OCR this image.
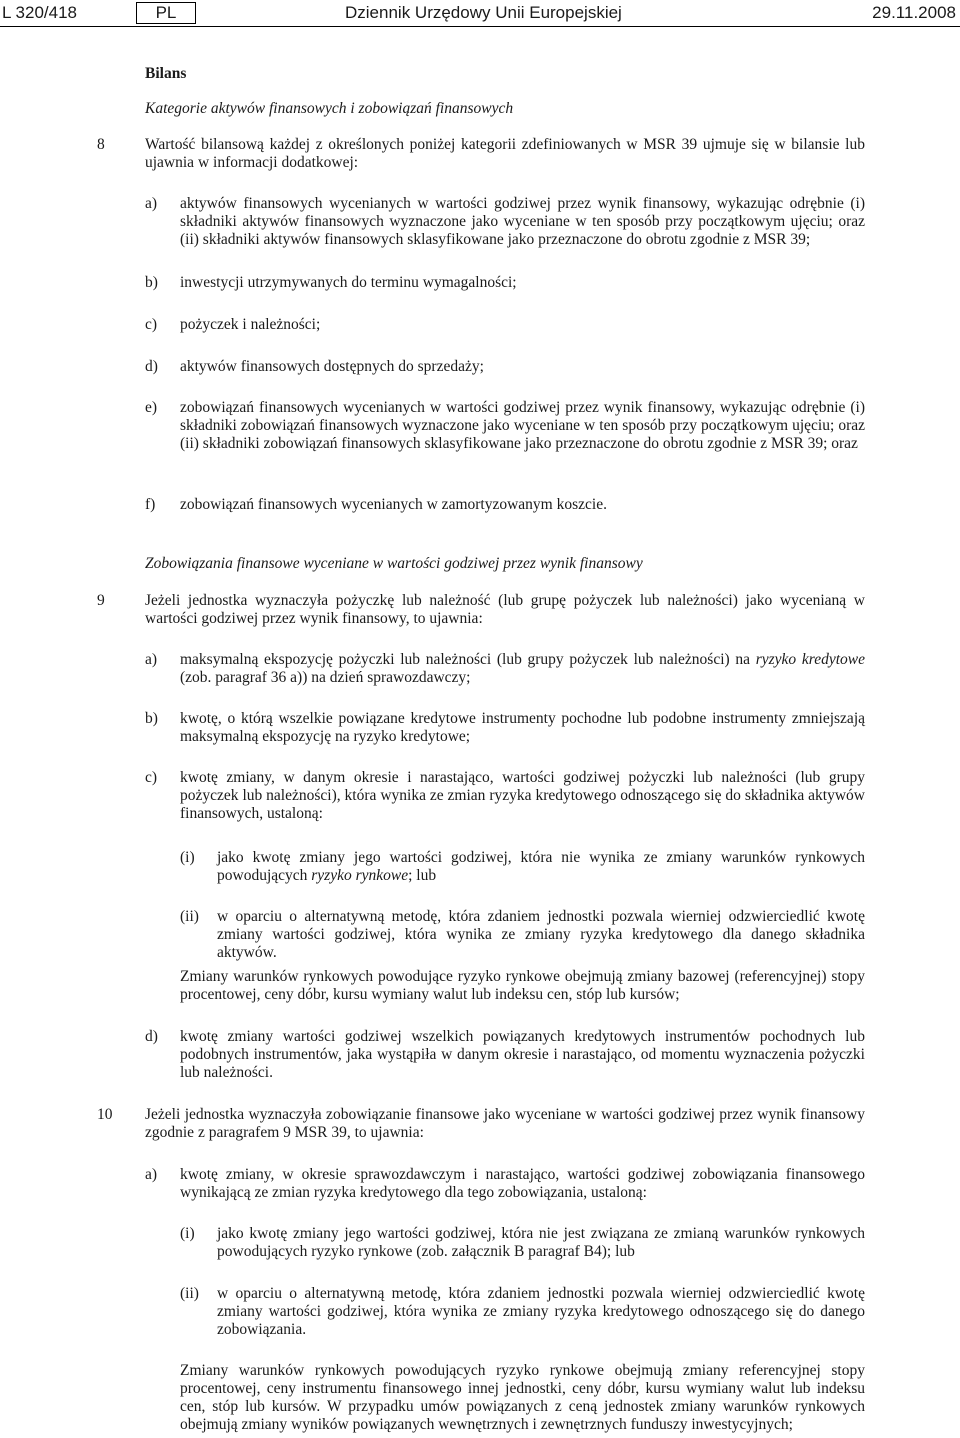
L 320/418	PL	Dziennik Urzędowy Unii Europejskiej	29.11.2008
Bilans
Kategorie aktywów finansowych i zobowiązań finansowych
8	Wartość bilansową każdej z określonych poniżej kategorii zdefiniowanych w MSR 39 ujmuje się w bilansie lub ujawnia w informacji dodatkowej:
a) aktywów finansowych wycenianych w wartości godziwej przez wynik finansowy, wykazując odrębnie (i) składniki aktywów finansowych wyznaczone jako wyceniane w ten sposób przy początkowym ujęciu; oraz (ii) składniki aktywów finansowych sklasyfikowane jako przeznaczone do obrotu zgodnie z MSR 39;
b) inwestycji utrzymywanych do terminu wymagalności;
c) pożyczek i należności;
d) aktywów finansowych dostępnych do sprzedaży;
e) zobowiązań finansowych wycenianych w wartości godziwej przez wynik finansowy, wykazując odrębnie (i) składniki zobowiązań finansowych wyznaczone jako wyceniane w ten sposób przy początkowym ujęciu; oraz (ii) składniki zobowiązań finansowych sklasyfikowane jako przeznaczone do obrotu zgodnie z MSR 39; oraz
f) zobowiązań finansowych wycenianych w zamortyzowanym koszcie.
Zobowiązania finansowe wyceniane w wartości godziwej przez wynik finansowy
9	Jeżeli jednostka wyznaczyła pożyczkę lub należność (lub grupę pożyczek lub należności) jako wycenianą w wartości godziwej przez wynik finansowy, to ujawnia:
a) maksymalną ekspozycję pożyczki lub należności (lub grupy pożyczek lub należności) na ryzyko kredytowe (zob. paragraf 36 a)) na dzień sprawozdawczy;
b) kwotę, o którą wszelkie powiązane kredytowe instrumenty pochodne lub podobne instrumenty zmniejszają maksymalną ekspozycję na ryzyko kredytowe;
c) kwotę zmiany, w danym okresie i narastająco, wartości godziwej pożyczki lub należności (lub grupy pożyczek lub należności), która wynika ze zmian ryzyka kredytowego odnoszącego się do składnika aktywów finansowych, ustaloną:
(i) jako kwotę zmiany jego wartości godziwej, która nie wynika ze zmiany warunków rynkowych powodujących ryzyko rynkowe; lub
(ii) w oparciu o alternatywną metodę, która zdaniem jednostki pozwala wierniej odzwierciedlić kwotę zmiany wartości godziwej, która wynika ze zmiany ryzyka kredytowego dla danego składnika aktywów.
Zmiany warunków rynkowych powodujące ryzyko rynkowe obejmują zmiany bazowej (referencyjnej) stopy procentowej, ceny dóbr, kursu wymiany walut lub indeksu cen, stóp lub kursów;
d) kwotę zmiany wartości godziwej wszelkich powiązanych kredytowych instrumentów pochodnych lub podobnych instrumentów, jaka wystąpiła w danym okresie i narastająco, od momentu wyznaczenia pożyczki lub należności.
10 Jeżeli jednostka wyznaczyła zobowiązanie finansowe jako wyceniane w wartości godziwej przez wynik finansowy zgodnie z paragrafem 9 MSR 39, to ujawnia:
a) kwotę zmiany, w okresie sprawozdawczym i narastająco, wartości godziwej zobowiązania finansowego wynikającą ze zmian ryzyka kredytowego dla tego zobowiązania, ustaloną:
(i) jako kwotę zmiany jego wartości godziwej, która nie jest związana ze zmianą warunków rynkowych powodujących ryzyko rynkowe (zob. załącznik B paragraf B4); lub
(ii) w oparciu o alternatywną metodę, która zdaniem jednostki pozwala wierniej odzwierciedlić kwotę zmiany wartości godziwej, która wynika ze zmiany ryzyka kredytowego odnoszącego się do danego zobowiązania.
Zmiany warunków rynkowych powodujących ryzyko rynkowe obejmują zmiany referencyjnej stopy procentowej, ceny instrumentu finansowego innej jednostki, ceny dóbr, kursu wymiany walut lub indeksu cen, stóp lub kursów. W przypadku umów powiązanych z ceną jednostek zmiany warunków rynkowych obejmują zmiany wyników powiązanych wewnętrznych i zewnętrznych funduszy inwestycyjnych;
